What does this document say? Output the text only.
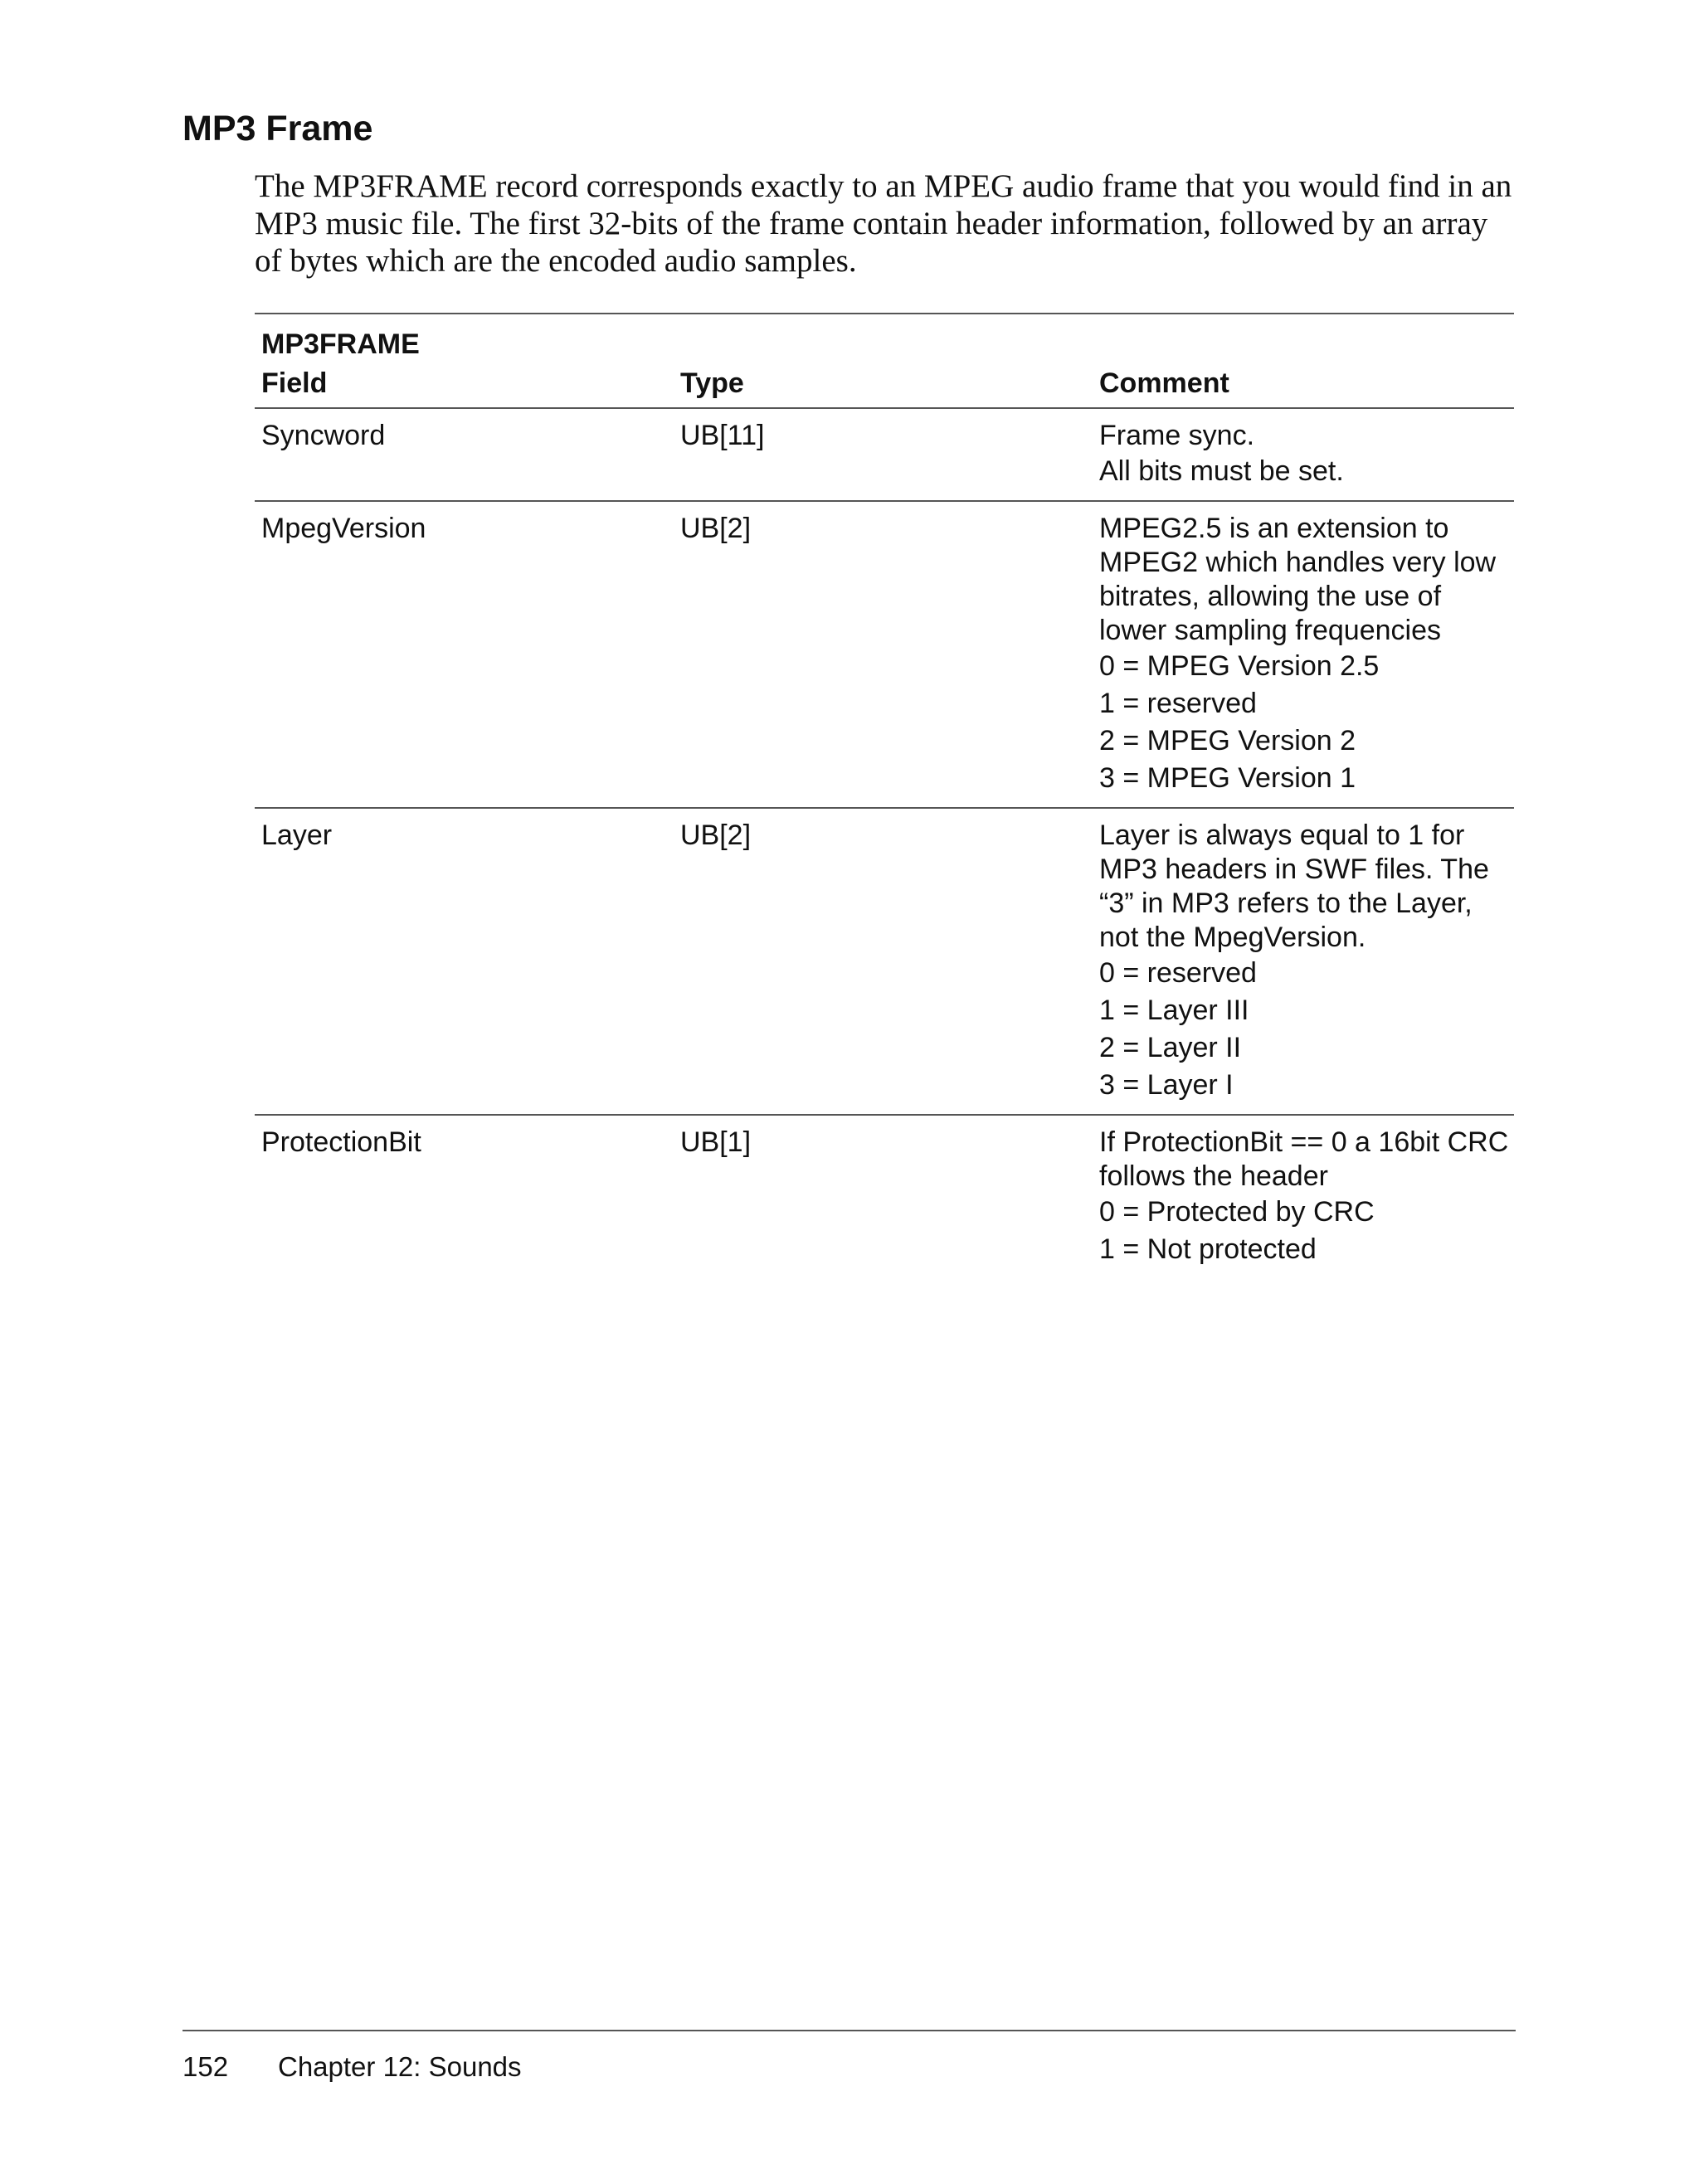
MP3 Frame

The MP3FRAME record corresponds exactly to an MPEG audio frame that you would find in an MP3 music file. The first 32-bits of the frame contain header information, followed by an array of bytes which are the encoded audio samples.

MP3FRAME
Field	Type	Comment
Syncword	UB[11]	Frame sync.
All bits must be set.
MpegVersion	UB[2]	MPEG2.5 is an extension to MPEG2 which handles very low bitrates, allowing the use of lower sampling frequencies
0 = MPEG Version 2.5
1 = reserved
2 = MPEG Version 2
3 = MPEG Version 1
Layer	UB[2]	Layer is always equal to 1 for MP3 headers in SWF files. The “3” in MP3 refers to the Layer, not the MpegVersion.
0 = reserved
1 = Layer III
2 = Layer II
3 = Layer I
ProtectionBit	UB[1]	If ProtectionBit == 0 a 16bit CRC follows the header
0 = Protected by CRC
1 = Not protected
152 Chapter 12: Sounds
